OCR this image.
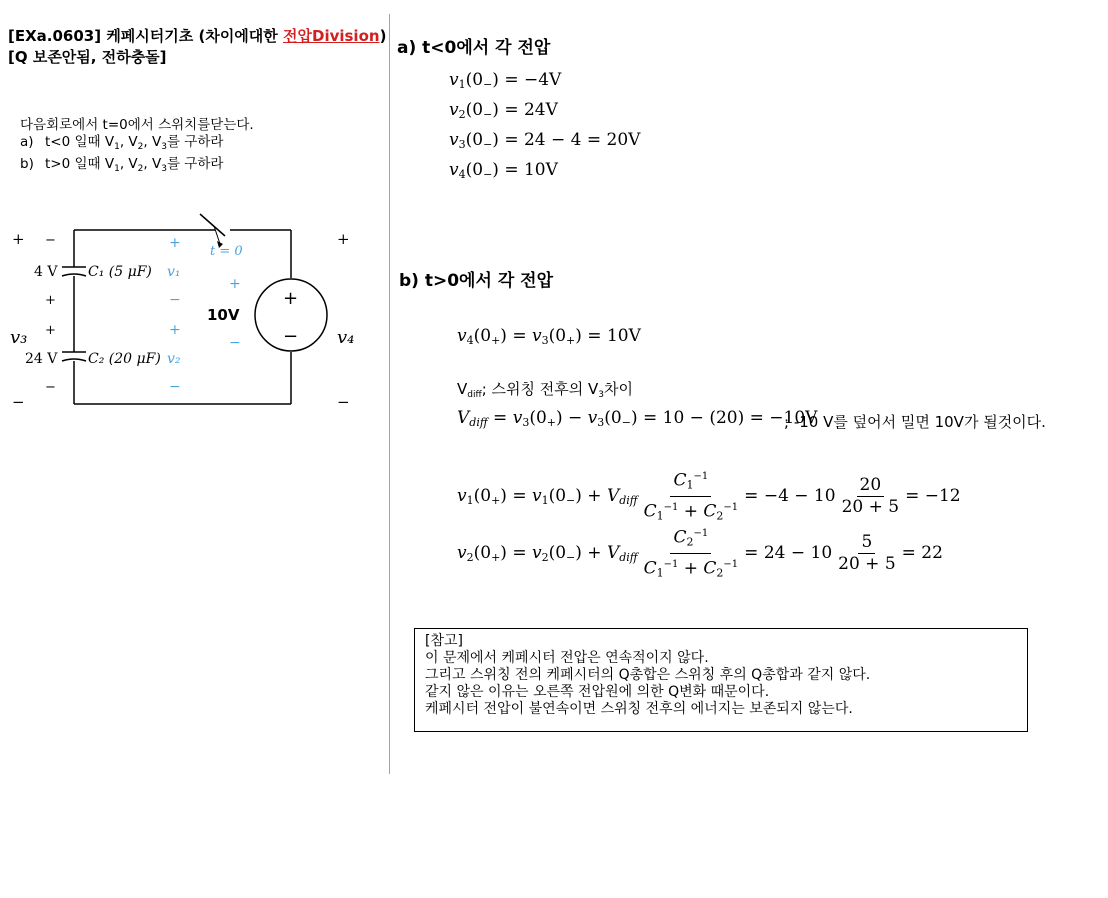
[EXa.0603] 케페시터기초 (차이에대한 전압Division)
[Q 보존안됨, 전하충돌]
다음회로에서 t=0에서 스위치를닫는다.
a) t<0 일때 $V_1$, $V_2$, $V_3$를 구하라
b) t>0 일때 $V_1$, $V_2$, $V_3$를 구하라
+
−
+
−
+
−
−
+
+
−
4 V C₁ (5 μF)
24 V C₂ (20 μF)
v₃	v₄
+
v₁
−
+
v₂
−
+
−
t = 0
10V
a) t<0에서 각 전압
$v_1(0_-) = -4V$
$v_2(0_-) = 24V$
$v_3(0_-) = 24 - 4 = 20V$
$v_4(0_-) = 10V$
b) t>0에서 각 전압
$v_4(0_+) = v_3(0_+) = 10V$
$V_{diff}$; 스위칭 전후의 $V_3$차이
$V_{diff} = v_3(0_+) - v_3(0_-) = 10 - (20) = -10V$
; -10 V를 덮어서 밀면 10V가 될것이다.
$v_1(0_+) = v_1(0_-) + V_{diff} \frac{C_1^{-1}}{C_1^{-1} + C_2^{-1}} = -4 - 10 \frac{20}{20 + 5} = -12$
$v_2(0_+) = v_2(0_-) + V_{diff} \frac{C_2^{-1}}{C_1^{-1} + C_2^{-1}} = 24 - 10 \frac{5}{20 + 5} = 22$
[참고]
이 문제에서 케페시터 전압은 연속적이지 않다.
그리고 스위칭 전의 케페시터의 Q총합은 스위칭 후의 Q총합과 같지 않다.
같지 않은 이유는 오른쪽 전압원에 의한 Q변화 때문이다.
케페시터 전압이 불연속이면 스위칭 전후의 에너지는 보존되지 않는다.
